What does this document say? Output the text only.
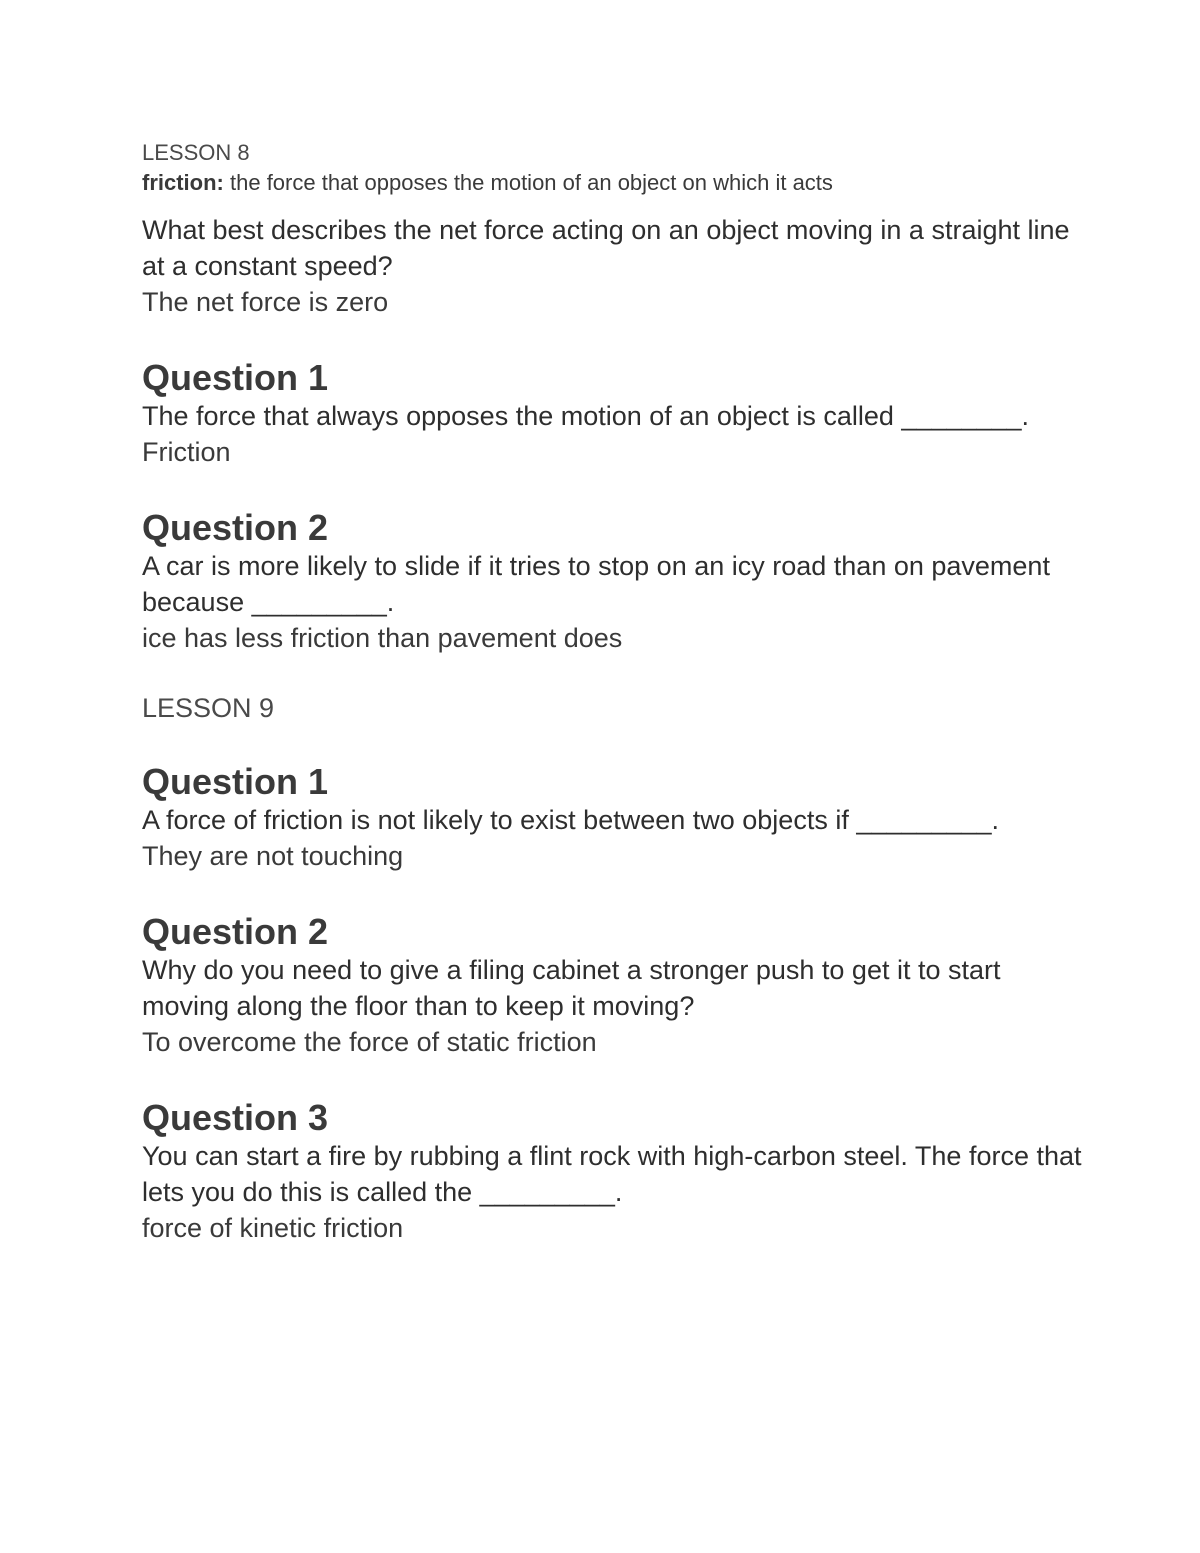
LESSON 8

friction: the force that opposes the motion of an object on which it acts

What best describes the net force acting on an object moving in a straight line at a constant speed?

The net force is zero

Question 1

The force that always opposes the motion of an object is called ________.

Friction

Question 2

A car is more likely to slide if it tries to stop on an icy road than on pavement because _________.

ice has less friction than pavement does

LESSON 9

Question 1

A force of friction is not likely to exist between two objects if _________.

They are not touching

Question 2

Why do you need to give a filing cabinet a stronger push to get it to start moving along the floor than to keep it moving?

To overcome the force of static friction

Question 3

You can start a fire by rubbing a flint rock with high-carbon steel. The force that lets you do this is called the _________.

force of kinetic friction
